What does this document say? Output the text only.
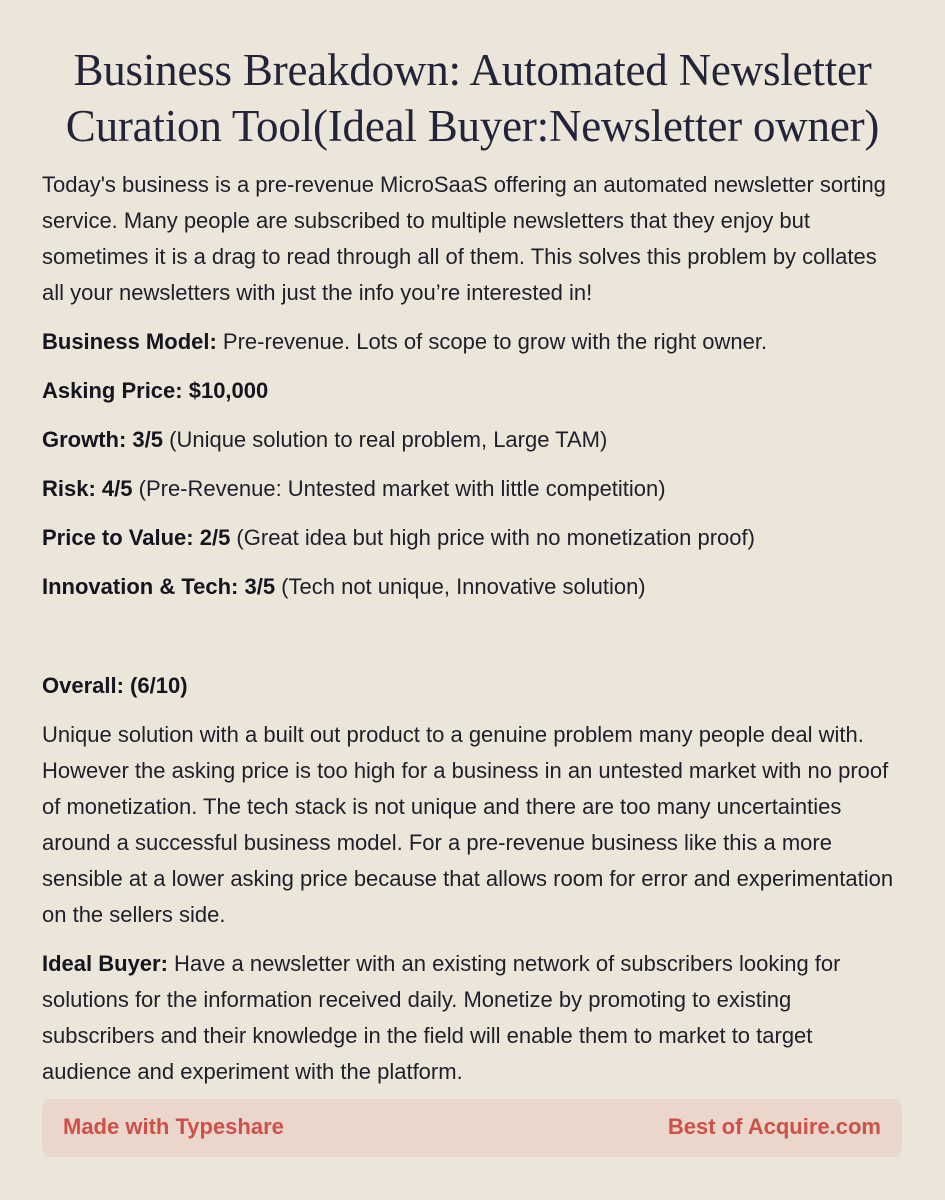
Business Breakdown: Automated Newsletter Curation Tool(Ideal Buyer:Newsletter owner)

Today's business is a pre-revenue MicroSaaS offering an automated newsletter sorting service. Many people are subscribed to multiple newsletters that they enjoy but sometimes it is a drag to read through all of them. This solves this problem by collates all your newsletters with just the info you’re interested in!

Business Model: Pre-revenue. Lots of scope to grow with the right owner.

Asking Price: $10,000

Growth: 3/5 (Unique solution to real problem, Large TAM)

Risk: 4/5 (Pre-Revenue: Untested market with little competition)

Price to Value: 2/5 (Great idea but high price with no monetization proof)

Innovation & Tech: 3/5 (Tech not unique, Innovative solution)

Overall: (6/10)

Unique solution with a built out product to a genuine problem many people deal with. However the asking price is too high for a business in an untested market with no proof of monetization. The tech stack is not unique and there are too many uncertainties around a successful business model. For a pre-revenue business like this a more sensible at a lower asking price because that allows room for error and experimentation on the sellers side.

Ideal Buyer: Have a newsletter with an existing network of subscribers looking for solutions for the information received daily. Monetize by promoting to existing subscribers and their knowledge in the field will enable them to market to target audience and experiment with the platform.

Made with Typeshare	Best of Acquire.com
